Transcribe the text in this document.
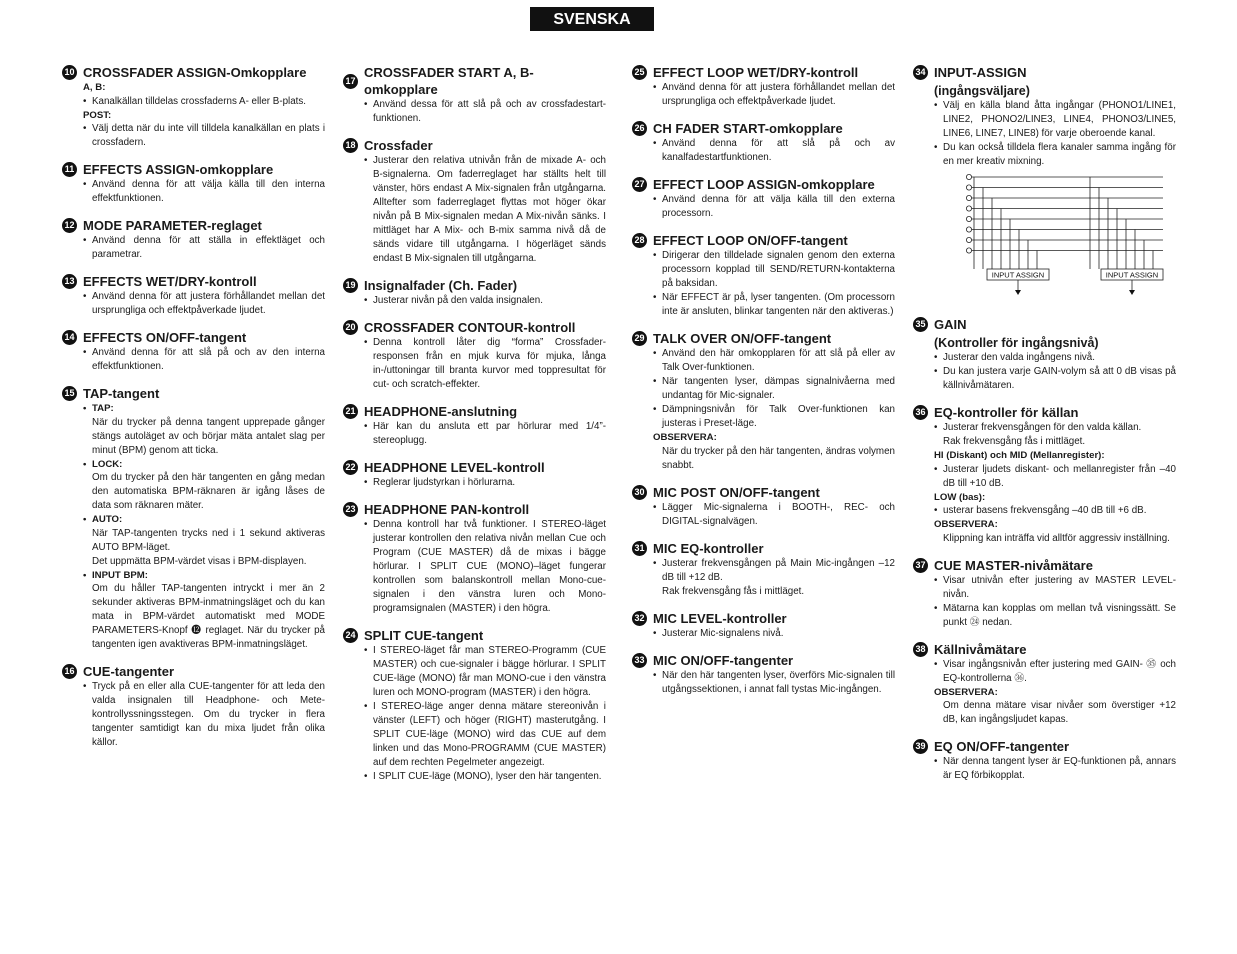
SVENSKA
10 CROSSFADER ASSIGN-Omkopplare
A, B:
• Kanalkällan tilldelas crossfaderns A- eller B-plats.
POST:
• Välj detta när du inte vill tilldela kanalkällan en plats i crossfadern.
11 EFFECTS ASSIGN-omkopplare
• Använd denna för att välja källa till den interna effektfunktionen.
12 MODE PARAMETER-reglaget
• Använd denna för att ställa in effektläget och parametrar.
13 EFFECTS WET/DRY-kontroll
• Använd denna för att justera förhållandet mellan det ursprungliga och effektpåverkade ljudet.
14 EFFECTS ON/OFF-tangent
• Använd denna för att slå på och av den interna effektfunktionen.
15 TAP-tangent
• TAP:
När du trycker på denna tangent upprepade gånger stängs autoläget av och börjar mäta antalet slag per minut (BPM) genom att ticka.
• LOCK:
Om du trycker på den här tangenten en gång medan den automatiska BPM-räknaren är igång låses de data som räknaren mäter.
• AUTO:
När TAP-tangenten trycks ned i 1 sekund aktiveras AUTO BPM-läget.
Det uppmätta BPM-värdet visas i BPM-displayen.
• INPUT BPM:
Om du håller TAP-tangenten intryckt i mer än 2 sekunder aktiveras BPM-inmatningsläget och du kan mata in BPM-värdet automatiskt med MODE PARAMETERS-Knopf ⓬ reglaget. När du trycker på tangenten igen avaktiveras BPM-inmatningsläget.
16 CUE-tangenter
• Tryck på en eller alla CUE-tangenter för att leda den valda insignalen till Headphone- och Mete-kontrollyssningsstegen. Om du trycker in flera tangenter samtidigt kan du mixa ljudet från olika källor.
17
CROSSFADER START A, B-omkopplare
• Använd dessa för att slå på och av crossfadestart-funktionen.
18 Crossfader
• Justerar den relativa utnivån från de mixade A- och B-signalerna. Om faderreglaget har ställts helt till vänster, hörs endast A Mix-signalen från utgångarna. Alltefter som faderreglaget flyttas mot höger ökar nivån på B Mix-signalen medan A Mix-nivån sänks. I mittläget har A Mix- och B-mix samma nivå då de sänds vidare till utgångarna. I högerläget sänds endast B Mix-signalen till utgångarna.
19 Insignalfader (Ch. Fader)
• Justerar nivån på den valda insignalen.
20 CROSSFADER CONTOUR-kontroll
• Denna kontroll låter dig “forma” Crossfader-responsen från en mjuk kurva för mjuka, långa in-/uttoningar till branta kurvor med toppresultat för cut- och scratch-effekter.
21 HEADPHONE-anslutning
• Här kan du ansluta ett par hörlurar med 1/4”-stereoplugg.
22 HEADPHONE LEVEL-kontroll
• Reglerar ljudstyrkan i hörlurarna.
23 HEADPHONE PAN-kontroll
• Denna kontroll har två funktioner. I STEREO-läget justerar kontrollen den relativa nivån mellan Cue och Program (CUE MASTER) då de mixas i bägge hörlurar. I SPLIT CUE (MONO)–läget fungerar kontrollen som balanskontroll mellan Mono-cue-signalen i den vänstra luren och Mono-programsignalen (MASTER) i den högra.
24 SPLIT CUE-tangent
• I STEREO-läget får man STEREO-Programm (CUE MASTER) och cue-signaler i bägge hörlurar. I SPLIT CUE-läge (MONO) får man MONO-cue i den vänstra luren och MONO-program (MASTER) i den högra.
• I STEREO-läge anger denna mätare stereonivån i vänster (LEFT) och höger (RIGHT) masterutgång. I SPLIT CUE-läge (MONO) wird das CUE auf dem linken und das Mono-PROGRAMM (CUE MASTER) auf dem rechten Pegelmeter angezeigt.
• I SPLIT CUE-läge (MONO), lyser den här tangenten.
25 EFFECT LOOP WET/DRY-kontroll
• Använd denna för att justera förhållandet mellan det ursprungliga och effektpåverkade ljudet.
26 CH FADER START-omkopplare
• Använd denna för att slå på och av kanalfadestartfunktionen.
27 EFFECT LOOP ASSIGN-omkopplare
• Använd denna för att välja källa till den externa processorn.
28 EFFECT LOOP ON/OFF-tangent
• Dirigerar den tilldelade signalen genom den externa processorn kopplad till SEND/RETURN-kontakterna på baksidan.
• När EFFECT är på, lyser tangenten. (Om processorn inte är ansluten, blinkar tangenten när den aktiveras.)
29 TALK OVER ON/OFF-tangent
• Använd den här omkopplaren för att slå på eller av Talk Over-funktionen.
• När tangenten lyser, dämpas signalnivåerna med undantag för Mic-signaler.
• Dämpningsnivån för Talk Over-funktionen kan justeras i Preset-läge.
OBSERVERA:
När du trycker på den här tangenten, ändras volymen snabbt.
30 MIC POST ON/OFF-tangent
• Lägger Mic-signalerna i BOOTH-, REC- och DIGITAL-signalvägen.
31 MIC EQ-kontroller
• Justerar frekvensgången på Main Mic-ingången –12 dB till +12 dB.
Rak frekvensgång fås i mittläget.
32 MIC LEVEL-kontroller
• Justerar Mic-signalens nivå.
33 MIC ON/OFF-tangenter
• När den här tangenten lyser, överförs Mic-signalen till utgångssektionen, i annat fall tystas Mic-ingången.
34 INPUT-ASSIGN
(ingångsväljare)
• Välj en källa bland åtta ingångar (PHONO1/LINE1, LINE2, PHONO2/LINE3, LINE4, PHONO3/LINE5, LINE6, LINE7, LINE8) för varje oberoende kanal.
• Du kan också tilldela flera kanaler samma ingång för en mer kreativ mixning.
INPUT ASSIGN	INPUT ASSIGN
35 GAIN
(Kontroller för ingångsnivå)
• Justerar den valda ingångens nivå.
• Du kan justera varje GAIN-volym så att 0 dB visas på källnivåmätaren.
36 EQ-kontroller för källan
• Justerar frekvensgången för den valda källan.
Rak frekvensgång fås i mittläget.
HI (Diskant) och MID (Mellanregister):
• Justerar ljudets diskant- och mellanregister från –40 dB till +10 dB.
LOW (bas):
• usterar basens frekvensgång –40 dB till +6 dB.
OBSERVERA:
Klippning kan inträffa vid alltför aggressiv inställning.
37 CUE MASTER-nivåmätare
• Visar utnivån efter justering av MASTER LEVEL-nivån.
• Mätarna kan kopplas om mellan två visningssätt. Se punkt ㉔ nedan.
38 Källnivåmätare
• Visar ingångsnivån efter justering med GAIN- ㉟ och EQ-kontrollerna ㊱.
OBSERVERA:
Om denna mätare visar nivåer som överstiger +12 dB, kan ingångsljudet kapas.
39 EQ ON/OFF-tangenter
• När denna tangent lyser är EQ-funktionen på, annars är EQ förbikopplat.
